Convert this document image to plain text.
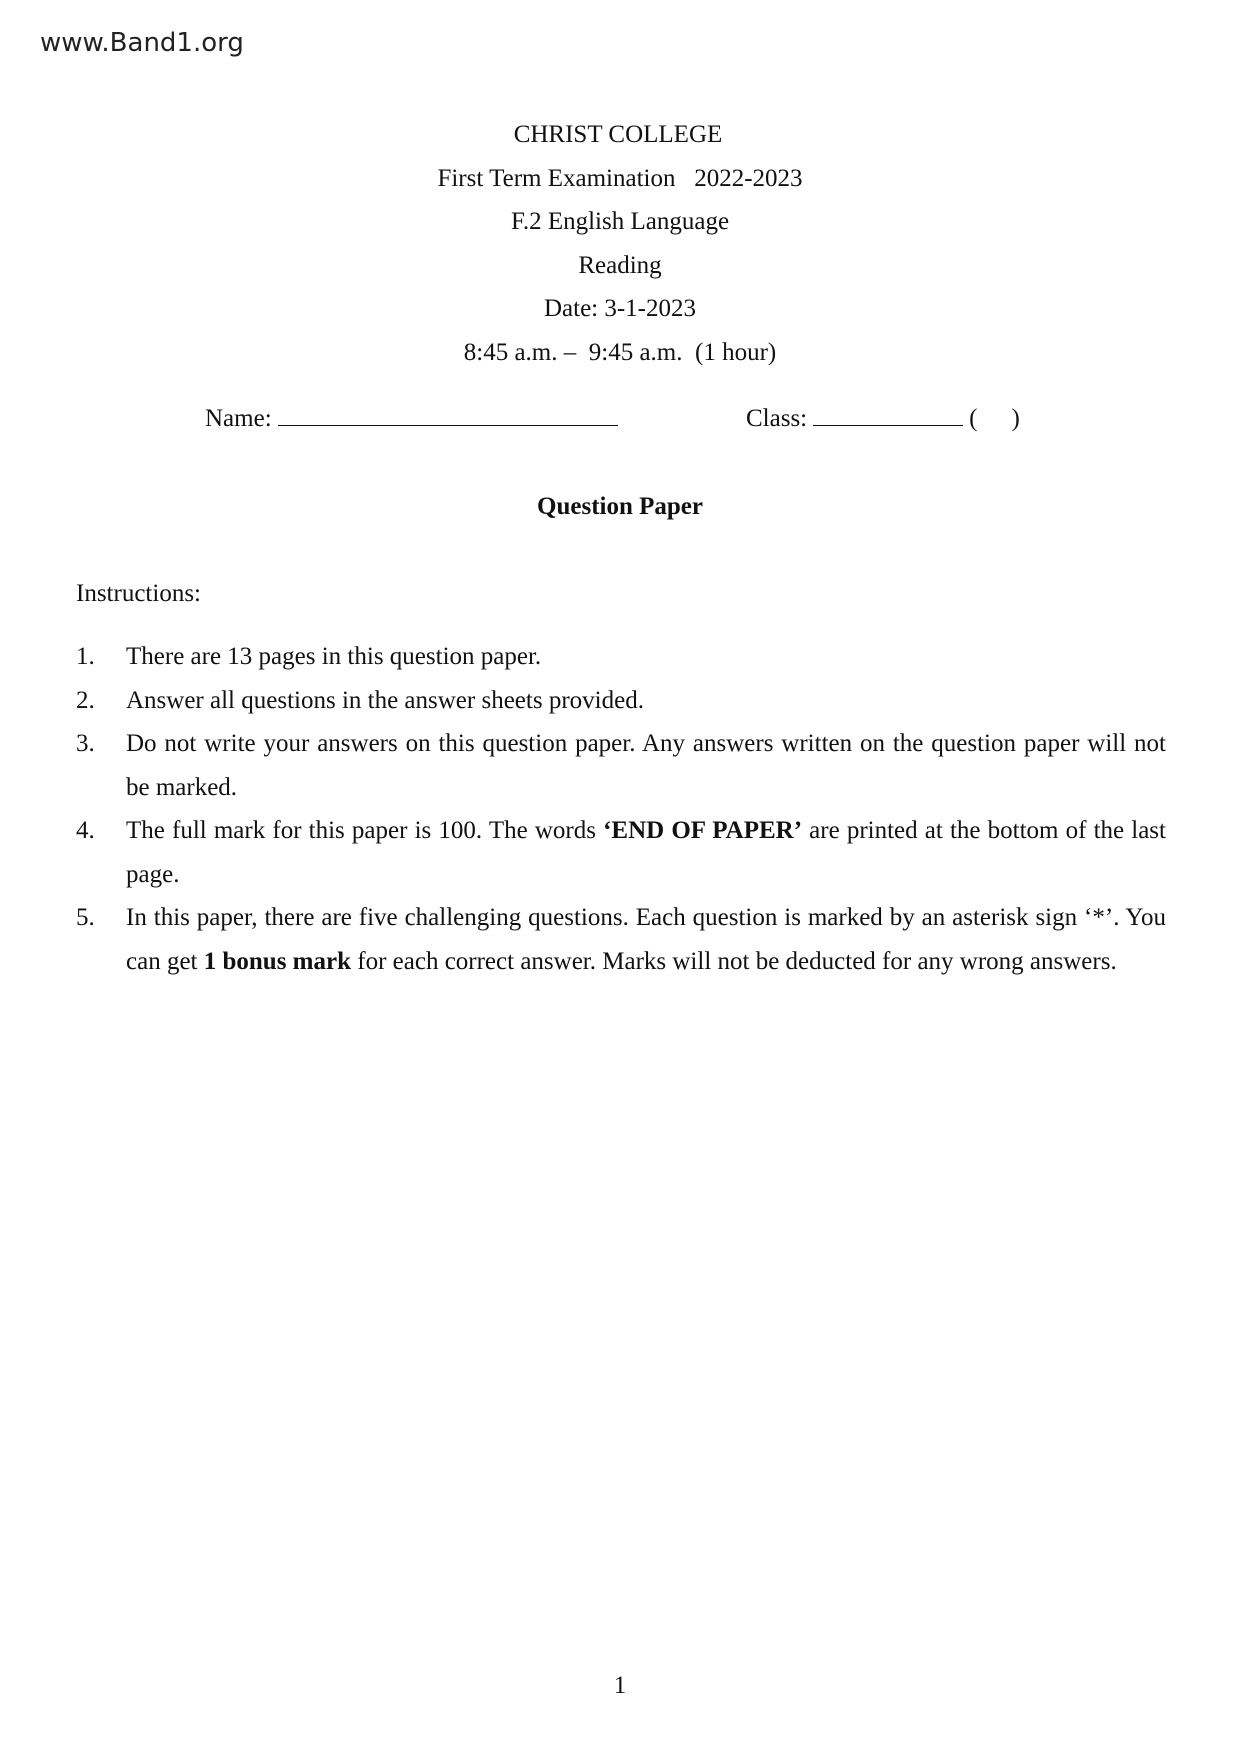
www.Band1.org
CHRIST COLLEGE
First Term Examination   2022-2023
F.2 English Language
Reading
Date: 3-1-2023
8:45 a.m. –  9:45 a.m.  (1 hour)
Name:	Class:	( )
Question Paper
Instructions:
1. There are 13 pages in this question paper.
2. Answer all questions in the answer sheets provided.
3. Do not write your answers on this question paper. Any answers written on the question paper will not be marked.
4. The full mark for this paper is 100. The words ‘END OF PAPER’ are printed at the bottom of the last page.
5. In this paper, there are five challenging questions. Each question is marked by an asterisk sign ‘*’. You can get 1 bonus mark for each correct answer. Marks will not be deducted for any wrong answers.
1
